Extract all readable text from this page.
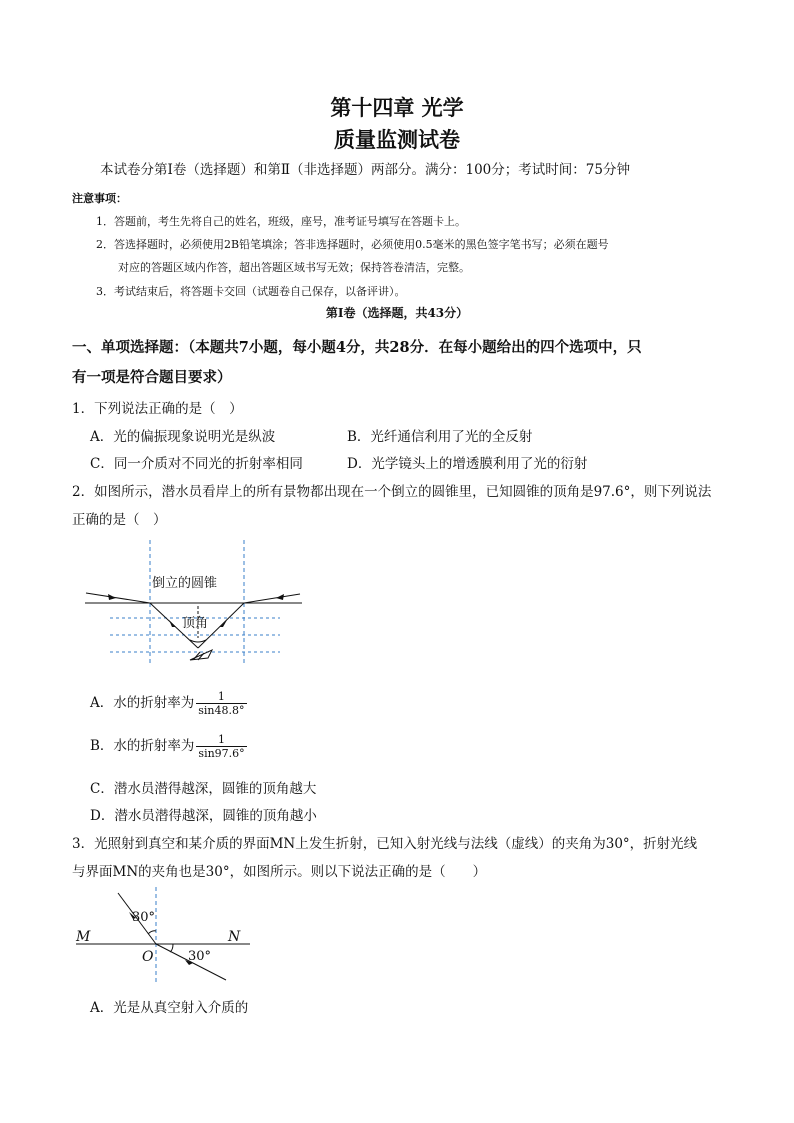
第十四章 光学
质量监测试卷
本试卷分第Ⅰ卷（选择题）和第Ⅱ（非选择题）两部分。满分：100分；考试时间：75分钟
注意事项：
1．答题前，考生先将自己的姓名，班级，座号，准考证号填写在答题卡上。
2．答选择题时，必须使用2B铅笔填涂；答非选择题时，必须使用0.5毫米的黑色签字笔书写；必须在题号
对应的答题区域内作答，超出答题区域书写无效；保持答卷清洁，完整。
3．考试结束后，将答题卡交回（试题卷自己保存，以备评讲）。
第Ⅰ卷（选择题，共43分）
一、单项选择题：（本题共7小题，每小题4分，共28分．在每小题给出的四个选项中，只
有一项是符合题目要求）
1．下列说法正确的是（　）
A．光的偏振现象说明光是纵波	B．光纤通信利用了光的全反射
C．同一介质对不同光的折射率相同	D．光学镜头上的增透膜利用了光的衍射
2．如图所示，潜水员看岸上的所有景物都出现在一个倒立的圆锥里，已知圆锥的顶角是97.6°，则下列说法
正确的是（　）
倒立的圆锥
顶角
A．水的折射率为 $\frac{1}{\sin 48.8^\circ}$
B．水的折射率为 $\frac{1}{\sin 97.6^\circ}$
C．潜水员潜得越深，圆锥的顶角越大
D．潜水员潜得越深，圆锥的顶角越小
3．光照射到真空和某介质的界面MN上发生折射，已知入射光线与法线（虚线）的夹角为30°，折射光线
与界面MN的夹角也是30°，如图所示。则以下说法正确的是（　　）
30°
30°
M	N
O
A．光是从真空射入介质的
